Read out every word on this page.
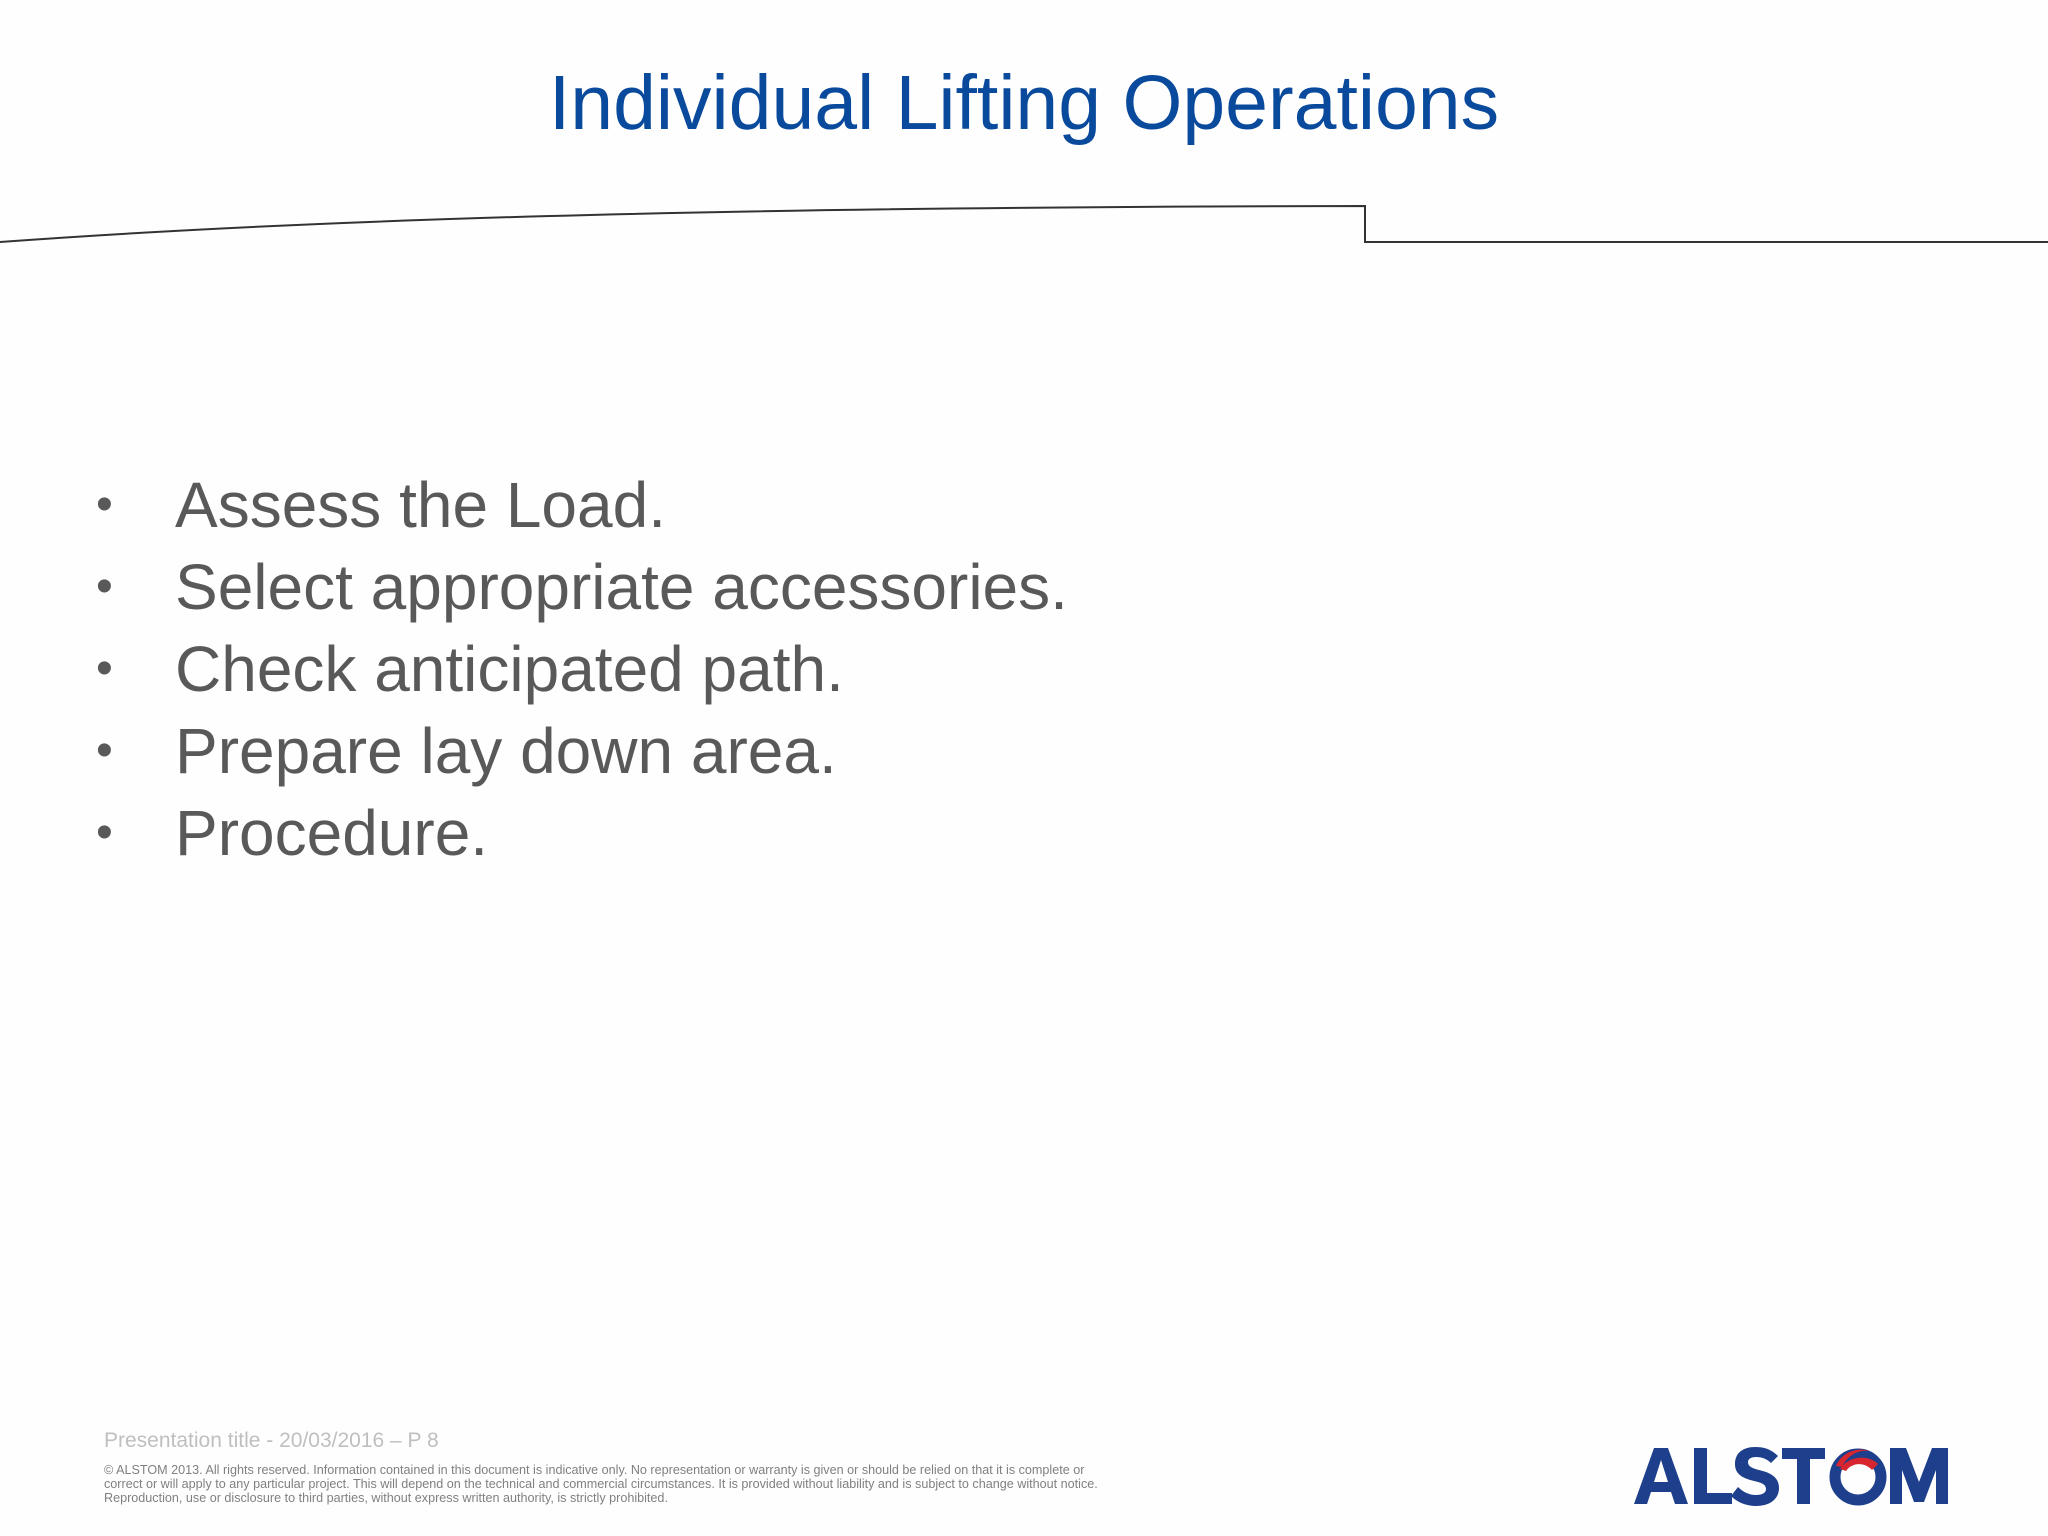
Individual Lifting Operations
• Assess the Load.
• Select appropriate accessories.
• Check anticipated path.
• Prepare lay down area.
• Procedure.
Presentation title - 20/03/2016 – P 8
© ALSTOM 2013. All rights reserved. Information contained in this document is indicative only. No representation or warranty is given or should be relied on that it is complete or correct or will apply to any particular project. This will depend on the technical and commercial circumstances. It is provided without liability and is subject to change without notice. Reproduction, use or disclosure to third parties, without express written authority, is strictly prohibited.
